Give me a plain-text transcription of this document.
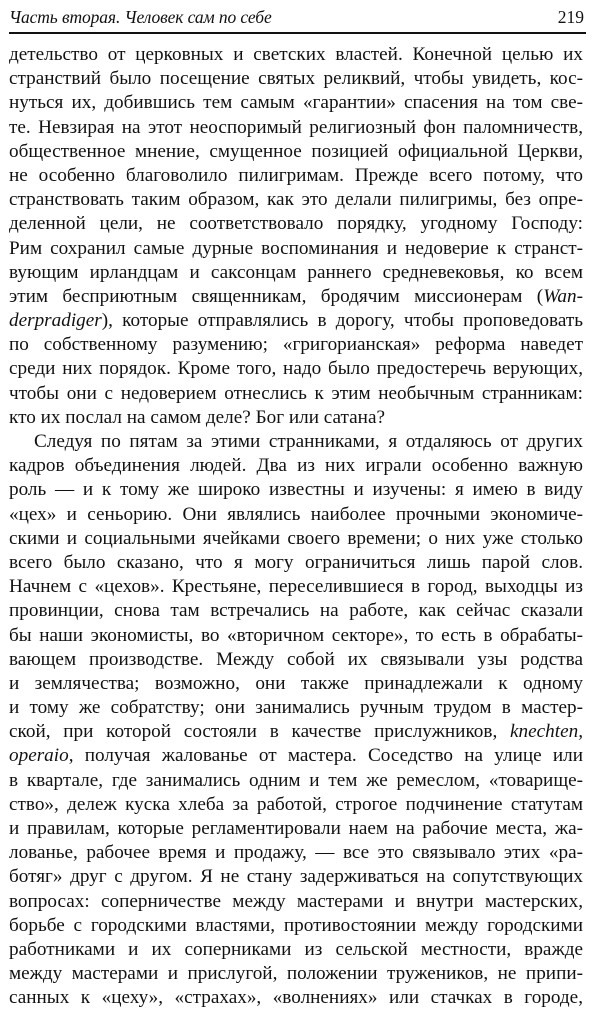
Часть вторая. Человек сам по себе	219
детельство от церковных и светских властей. Конечной целью их
странствий было посещение святых реликвий, чтобы увидеть, кос-
нуться их, добившись тем самым «гарантии» спасения на том све-
те. Невзирая на этот неоспоримый религиозный фон паломничеств,
общественное мнение, смущенное позицией официальной Церкви,
не особенно благоволило пилигримам. Прежде всего потому, что
странствовать таким образом, как это делали пилигримы, без опре-
деленной цели, не соответствовало порядку, угодному Господу:
Рим сохранил самые дурные воспоминания и недоверие к странст-
вующим ирландцам и саксонцам раннего средневековья, ко всем
этим бесприютным священникам, бродячим миссионерам (Wan-
derpradiger), которые отправлялись в дорогу, чтобы проповедовать
по собственному разумению; «григорианская» реформа наведет
среди них порядок. Кроме того, надо было предостеречь верующих,
чтобы они с недоверием отнеслись к этим необычным странникам:
кто их послал на самом деле? Бог или сатана?
Следуя по пятам за этими странниками, я отдаляюсь от других
кадров объединения людей. Два из них играли особенно важную
роль — и к тому же широко известны и изучены: я имею в виду
«цех» и сеньорию. Они являлись наиболее прочными экономиче-
скими и социальными ячейками своего времени; о них уже столько
всего было сказано, что я могу ограничиться лишь парой слов.
Начнем с «цехов». Крестьяне, переселившиеся в город, выходцы из
провинции, снова там встречались на работе, как сейчас сказали
бы наши экономисты, во «вторичном секторе», то есть в обрабаты-
вающем производстве. Между собой их связывали узы родства
и землячества; возможно, они также принадлежали к одному
и тому же собратству; они занимались ручным трудом в мастер-
ской, при которой состояли в качестве прислужников, knechten,
operaio, получая жалованье от мастера. Соседство на улице или
в квартале, где занимались одним и тем же ремеслом, «товарище-
ство», дележ куска хлеба за работой, строгое подчинение статутам
и правилам, которые регламентировали наем на рабочие места, жа-
лованье, рабочее время и продажу, — все это связывало этих «ра-
ботяг» друг с другом. Я не стану задерживаться на сопутствующих
вопросах: соперничестве между мастерами и внутри мастерских,
борьбе с городскими властями, противостоянии между городскими
работниками и их соперниками из сельской местности, вражде
между мастерами и прислугой, положении тружеников, не припи-
санных к «цеху», «страхах», «волнениях» или стачках в городе,
